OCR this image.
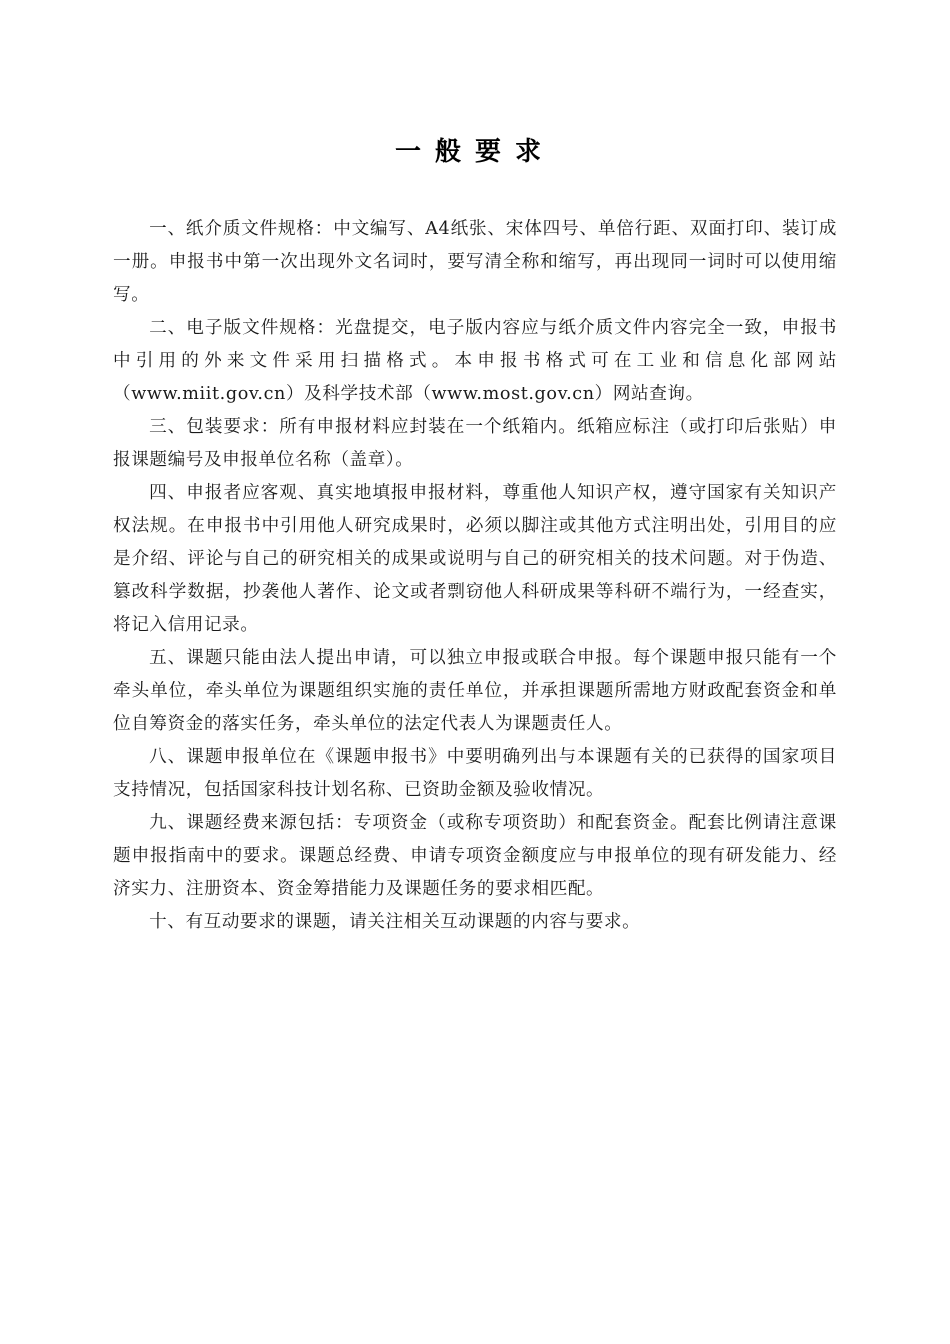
一般要求

一、纸介质文件规格：中文编写、A4纸张、宋体四号、单倍行距、双面打印、装订成一册。申报书中第一次出现外文名词时，要写清全称和缩写，再出现同一词时可以使用缩写。

二、电子版文件规格：光盘提交，电子版内容应与纸介质文件内容完全一致，申报书中引用的外来文件采用扫描格式。本申报书格式可在工业和信息化部网站（www.miit.gov.cn）及科学技术部（www.most.gov.cn）网站查询。

三、包装要求：所有申报材料应封装在一个纸箱内。纸箱应标注（或打印后张贴）申报课题编号及申报单位名称（盖章）。

四、申报者应客观、真实地填报申报材料，尊重他人知识产权，遵守国家有关知识产权法规。在申报书中引用他人研究成果时，必须以脚注或其他方式注明出处，引用目的应是介绍、评论与自己的研究相关的成果或说明与自己的研究相关的技术问题。对于伪造、篡改科学数据，抄袭他人著作、论文或者剽窃他人科研成果等科研不端行为，一经查实，将记入信用记录。

五、课题只能由法人提出申请，可以独立申报或联合申报。每个课题申报只能有一个牵头单位，牵头单位为课题组织实施的责任单位，并承担课题所需地方财政配套资金和单位自筹资金的落实任务，牵头单位的法定代表人为课题责任人。

八、课题申报单位在《课题申报书》中要明确列出与本课题有关的已获得的国家项目支持情况，包括国家科技计划名称、已资助金额及验收情况。

九、课题经费来源包括：专项资金（或称专项资助）和配套资金。配套比例请注意课题申报指南中的要求。课题总经费、申请专项资金额度应与申报单位的现有研发能力、经济实力、注册资本、资金筹措能力及课题任务的要求相匹配。

十、有互动要求的课题，请关注相关互动课题的内容与要求。
